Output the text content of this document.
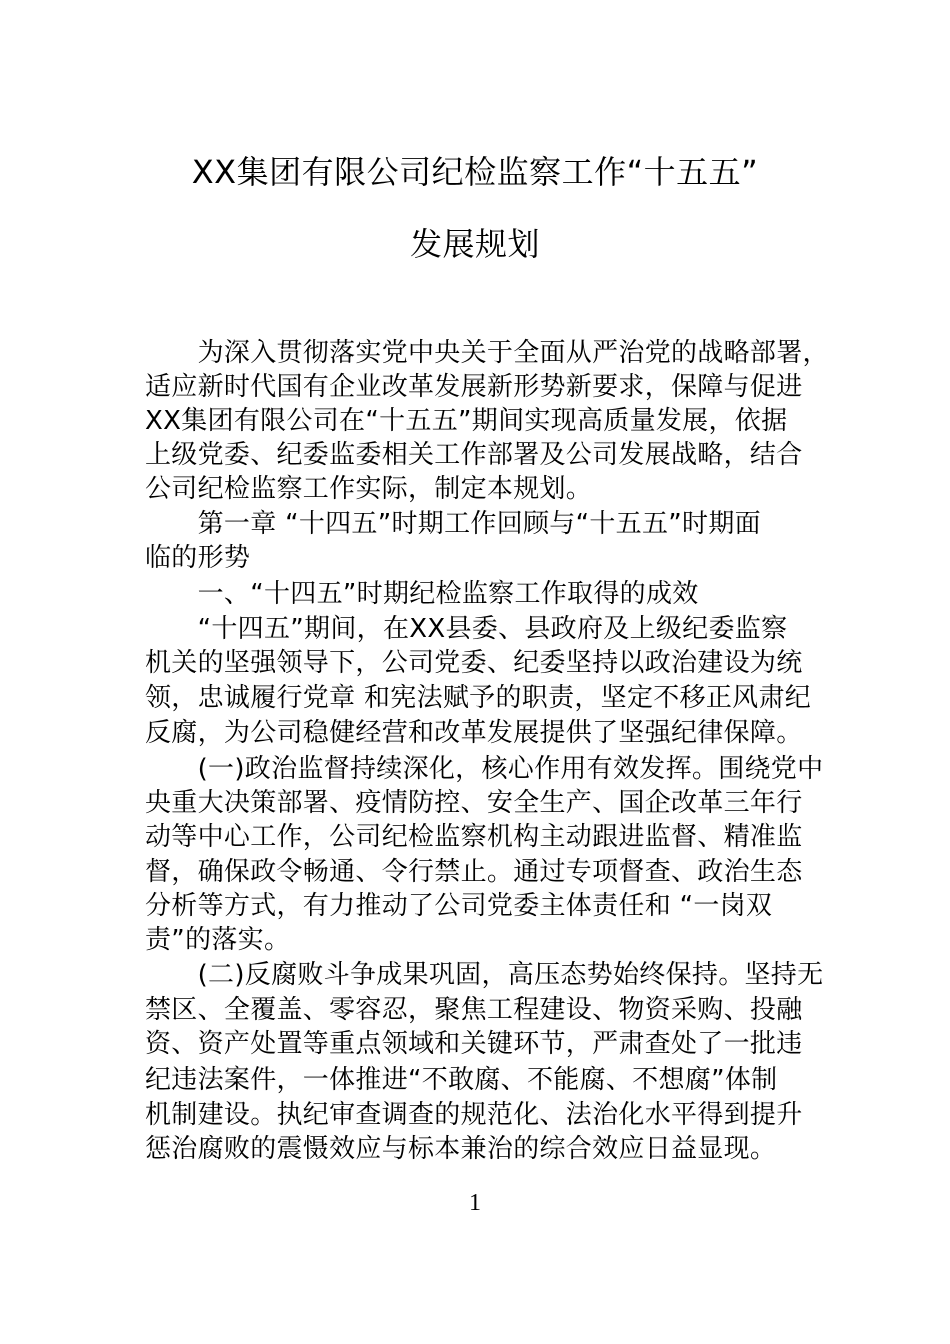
XX集团有限公司纪检监察工作“十五五”
发展规划
　　为深入贯彻落实党中央关于全面从严治党的战略部署，
适应新时代国有企业改革发展新形势新要求，保障与促进
XX集团有限公司在“十五五”期间实现高质量发展，依据
上级党委、纪委监委相关工作部署及公司发展战略，结合
公司纪检监察工作实际，制定本规划。
　　第一章 “十四五”时期工作回顾与“十五五”时期面
临的形势
　　一、“十四五”时期纪检监察工作取得的成效
　　“十四五”期间，在XX县委、县政府及上级纪委监察
机关的坚强领导下，公司党委、纪委坚持以政治建设为统
领，忠诚履行党章 和宪法赋予的职责，坚定不移正风肃纪
反腐，为公司稳健经营和改革发展提供了坚强纪律保障。
　　(一)政治监督持续深化，核心作用有效发挥。围绕党中
央重大决策部署、疫情防控、安全生产、国企改革三年行
动等中心工作，公司纪检监察机构主动跟进监督、精准监
督，确保政令畅通、令行禁止。通过专项督查、政治生态
分析等方式，有力推动了公司党委主体责任和 “一岗双
责”的落实。
　　(二)反腐败斗争成果巩固，高压态势始终保持。坚持无
禁区、全覆盖、零容忍，聚焦工程建设、物资采购、投融
资、资产处置等重点领域和关键环节，严肃查处了一批违
纪违法案件，一体推进“不敢腐、不能腐、不想腐”体制
机制建设。执纪审查调查的规范化、法治化水平得到提升
惩治腐败的震慑效应与标本兼治的综合效应日益显现。
1
